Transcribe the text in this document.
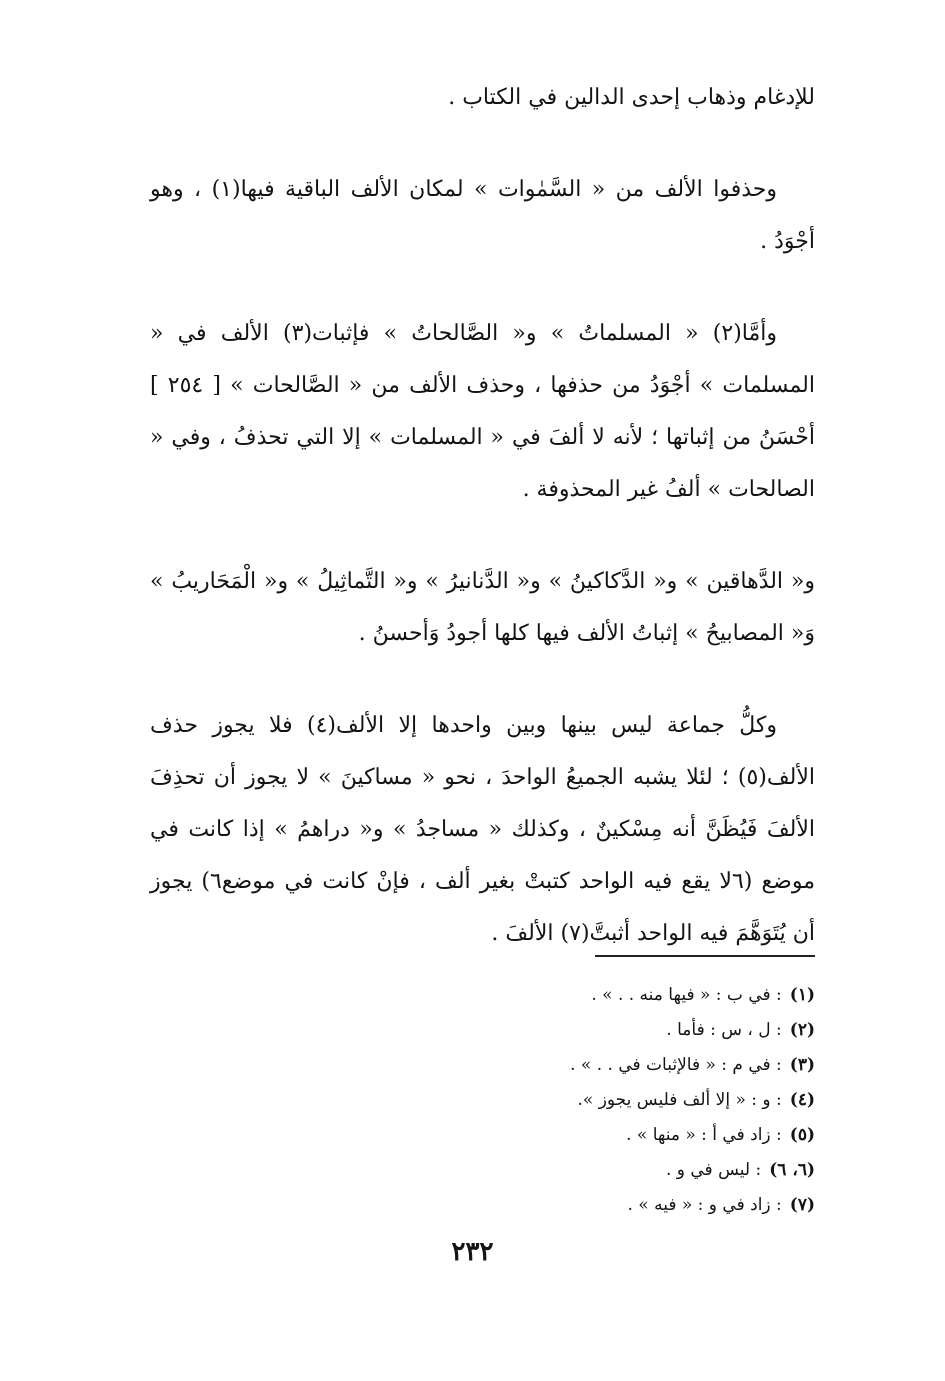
للإدغام وذهاب إحدى الدالين في الكتاب .

وحذفوا الألف من « السَّمٰوات » لمكان الألف الباقية فيها(١) ، وهو أجْوَدُ .

وأمَّا(٢) « المسلماتُ » و« الصَّالحاتُ » فإثبات(٣) الألف في « المسلمات » أجْوَدُ من حذفها ، وحذف الألف من « الصَّالحات » [ ٢٥٤ ] أحْسَنُ من إثباتها ؛ لأنه لا ألفَ في « المسلمات » إلا التي تحذفُ ، وفي « الصالحات » ألفُ غير المحذوفة .

و« الدَّهاقين » و« الدَّكاكينُ » و« الدَّنانيرُ » و« التَّماثِيلُ » و« الْمَحَاريبُ » وَ« المصابيحُ » إثباتُ الألف فيها كلها أجودُ وَأحسنُ .

وكلُّ جماعة ليس بينها وبين واحدها إلا الألف(٤) فلا يجوز حذف الألف(٥) ؛ لئلا يشبه الجميعُ الواحدَ ، نحو « مساكينَ » لا يجوز أن تحذِفَ الألفَ فَيُظَنَّ أنه مِسْكينٌ ، وكذلك « مساجدُ » و« دراهمُ » إذا كانت في موضع (٦لا يقع فيه الواحد كتبتْ بغير ألف ، فإنْ كانت في موضع٦) يجوز أن يُتَوَهَّمَ فيه الواحد أثبتَّ(٧) الألفَ .

(١): في ب : « فيها منه . . » .
(٢): ل ، س : فأما .
(٣): في م : « فالإثبات في . . » .
(٤): و : « إلا ألف فليس يجوز ».
(٥): زاد في أ : « منها » .
(٦، ٦): ليس في و .
(٧): زاد في و : « فيه » .
٢٣٢
